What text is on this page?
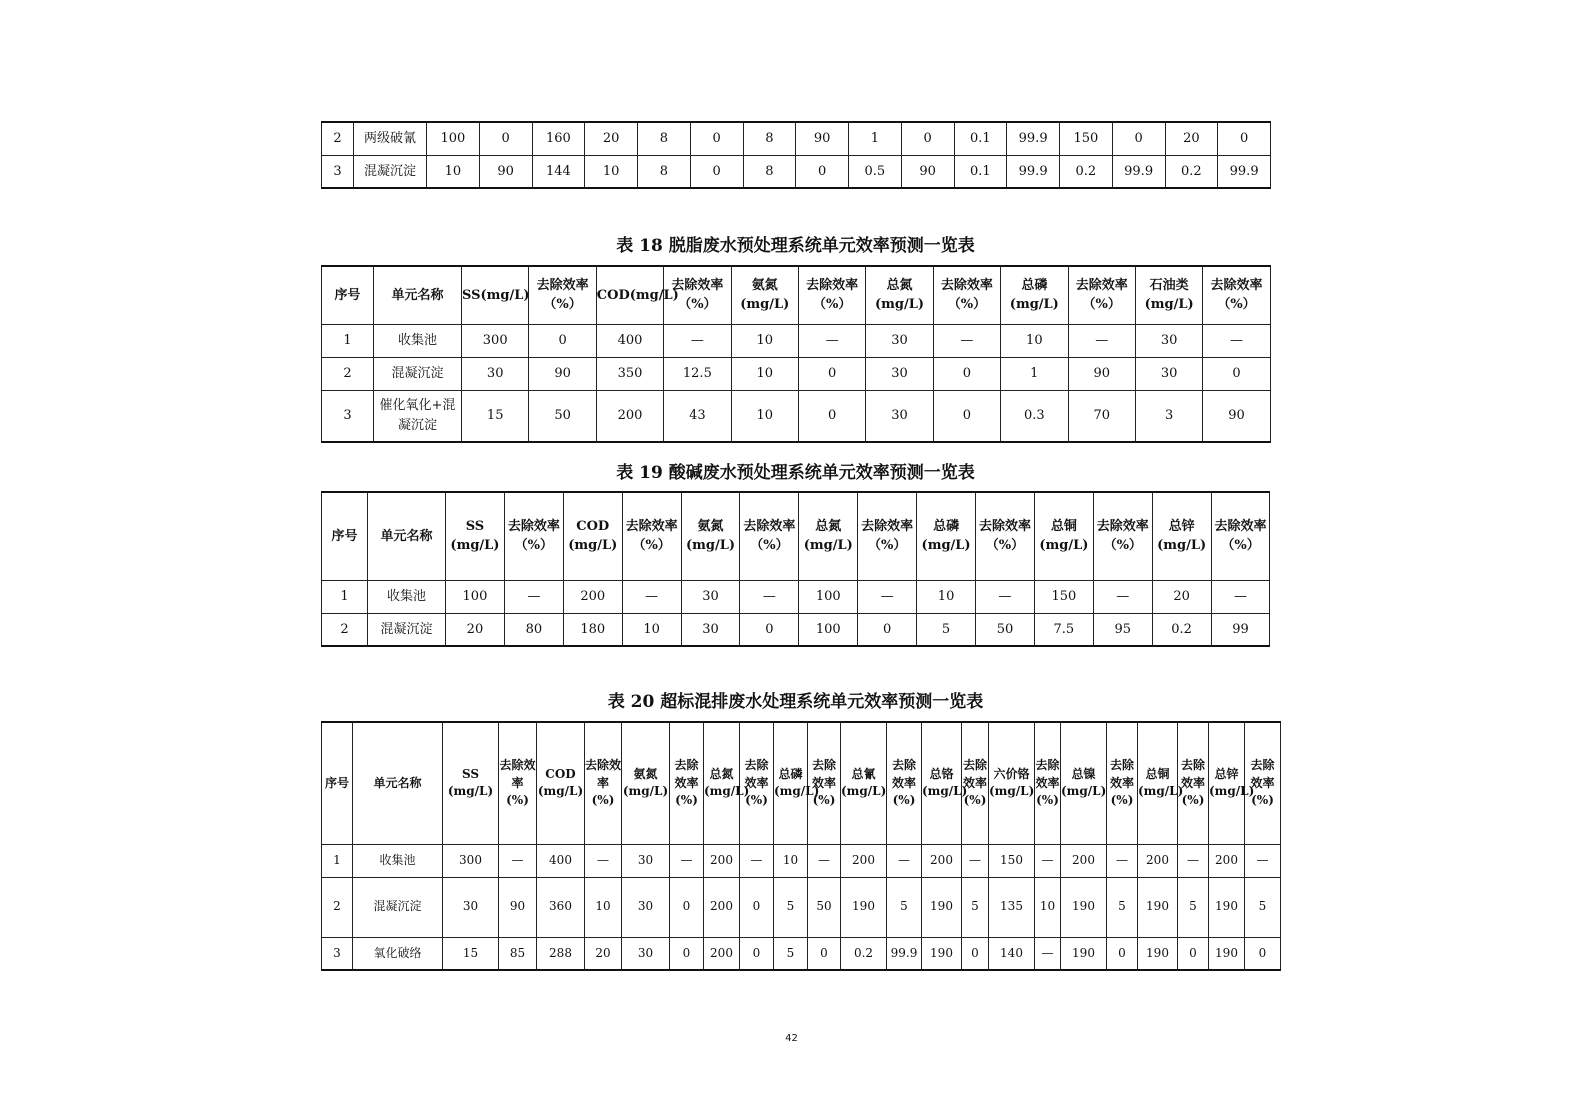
2	两级破氰	100	0	160	20	8	0	8	90	1	0	0.1	99.9	150	0	20	0
3	混凝沉淀	10	90	144	10	8	0	8	0	0.5	90	0.1	99.9	0.2	99.9	0.2	99.9
表 18 脱脂废水预处理系统单元效率预测一览表
序号	单元名称	SS(mg/L)	去除效率（%）	COD(mg/L)	去除效率（%）	氨氮 (mg/L)	去除效率（%）	总氮 (mg/L)	去除效率（%）	总磷 (mg/L)	去除效率（%）	石油类 (mg/L)	去除效率（%）
1	收集池	300	0	400	—	10	—	30	—	10	—	30	—
2	混凝沉淀	30	90	350	12.5	10	0	30	0	1	90	30	0
3	催化氧化+混凝沉淀	15	50	200	43	10	0	30	0	0.3	70	3	90
表 19 酸碱废水预处理系统单元效率预测一览表
序号	单元名称	SS (mg/L)	去除效率（%）	COD (mg/L)	去除效率（%）	氨氮 (mg/L)	去除效率（%）	总氮 (mg/L)	去除效率（%）	总磷 (mg/L)	去除效率（%）	总铜 (mg/L)	去除效率（%）	总锌 (mg/L)	去除效率（%）
1	收集池	100	—	200	—	30	—	100	—	10	—	150	—	20	—
2	混凝沉淀	20	80	180	10	30	0	100	0	5	50	7.5	95	0.2	99
表 20 超标混排废水处理系统单元效率预测一览表
序号	单元名称	SS (mg/L)	去除效率 (%)	COD (mg/L)	去除效率 (%)	氨氮 (mg/L)	去除效率 (%)	总氮 (mg/L)	去除效率 (%)	总磷 (mg/L)	去除效率 (%)	总氰 (mg/L)	去除效率 (%)	总铬 (mg/L)	去除效率 (%)	六价铬 (mg/L)	去除效率 (%)	总镍 (mg/L)	去除效率 (%)	总铜 (mg/L)	去除效率 (%)	总锌 (mg/L)	去除效率 (%)
1	收集池	300	—	400	—	30	—	200	—	10	—	200	—	200	—	150	—	200	—	200	—	200	—
2	混凝沉淀	30	90	360	10	30	0	200	0	5	50	190	5	190	5	135	10	190	5	190	5	190	5
3	氧化破络	15	85	288	20	30	0	200	0	5	0	0.2	99.9	190	0	140	—	190	0	190	0	190	0
42
